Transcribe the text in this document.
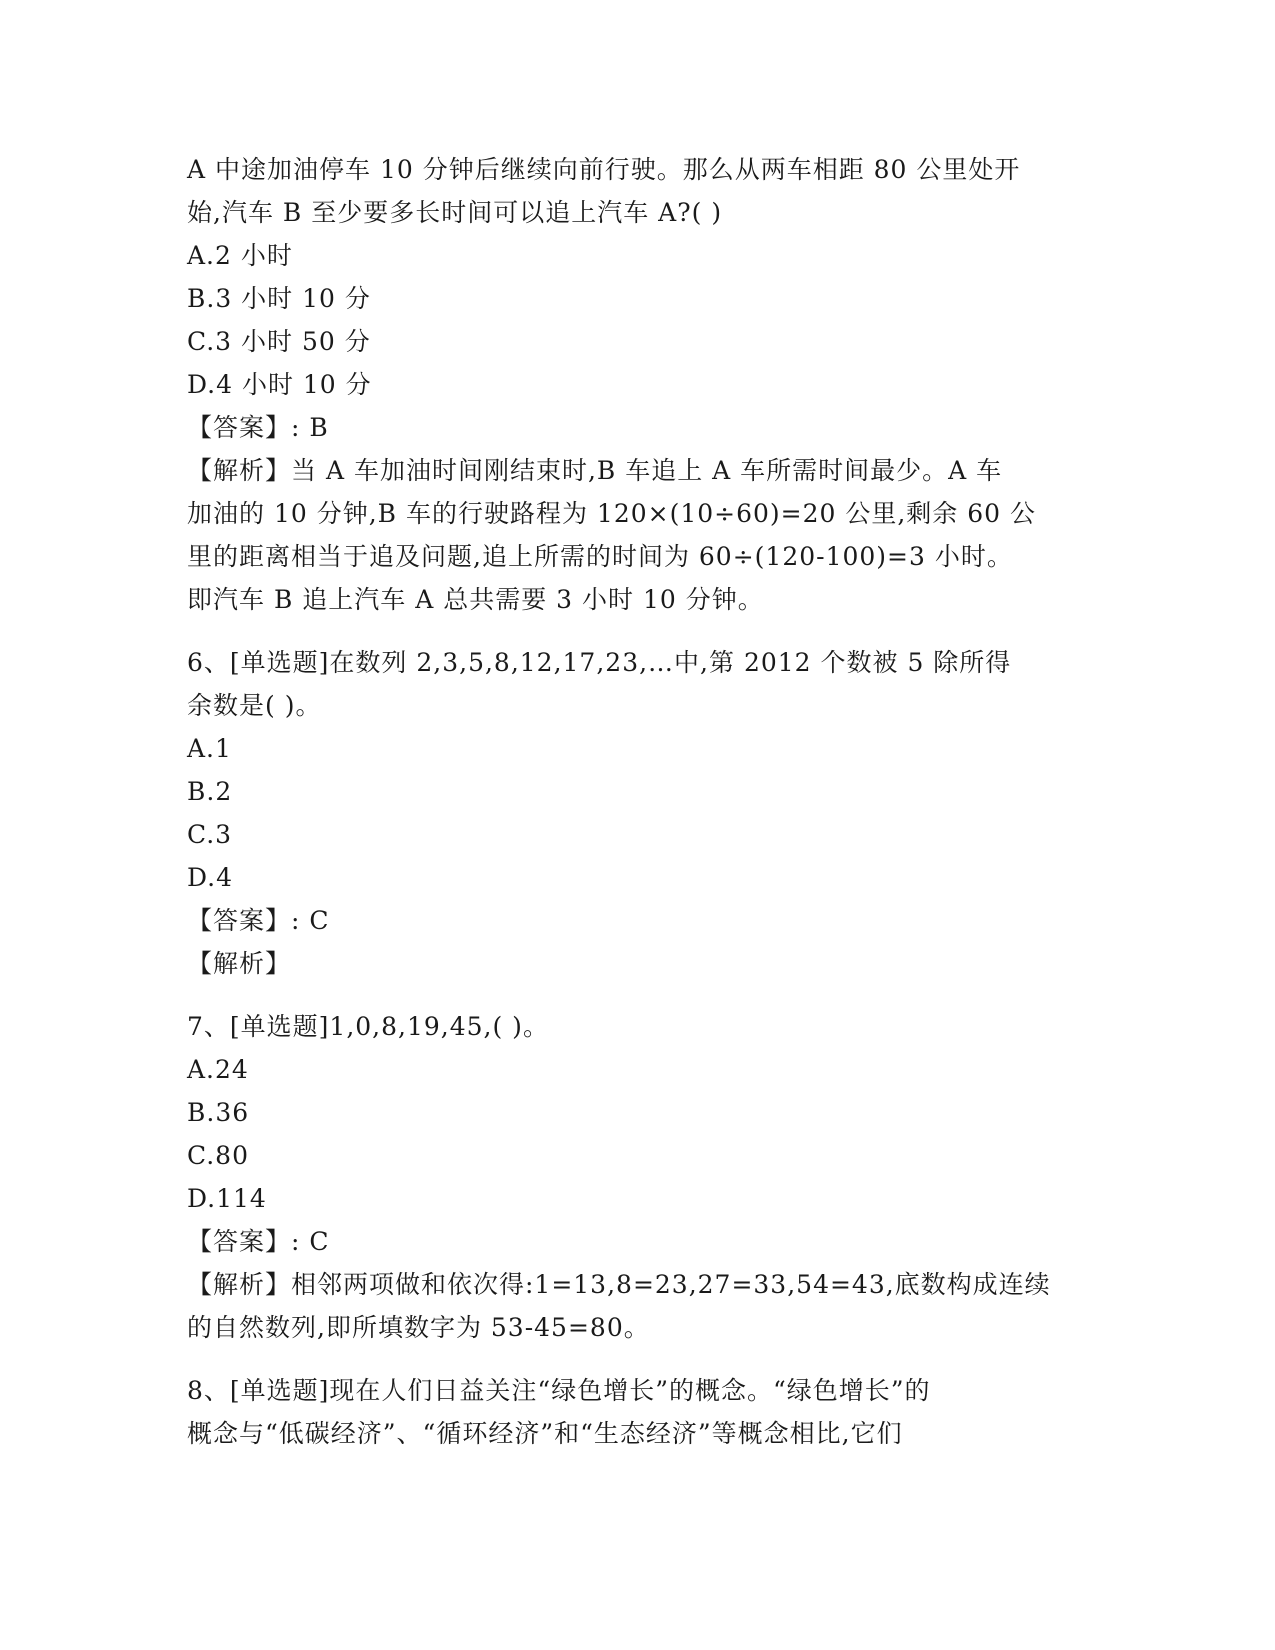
A 中途加油停车 10 分钟后继续向前行驶。那么从两车相距 80 公里处开
始,汽车 B 至少要多长时间可以追上汽车 A?( )
A.2 小时
B.3 小时 10 分
C.3 小时 50 分
D.4 小时 10 分
【答案】: B
【解析】当 A 车加油时间刚结束时,B 车追上 A 车所需时间最少。A 车
加油的 10 分钟,B 车的行驶路程为 120×(10÷60)=20 公里,剩余 60 公
里的距离相当于追及问题,追上所需的时间为 60÷(120-100)=3 小时。
即汽车 B 追上汽车 A 总共需要 3 小时 10 分钟。
6、[单选题]在数列 2,3,5,8,12,17,23,…中,第 2012 个数被 5 除所得
余数是( )。
A.1
B.2
C.3
D.4
【答案】: C
【解析】
7、[单选题]1,0,8,19,45,( )。
A.24
B.36
C.80
D.114
【答案】: C
【解析】相邻两项做和依次得:1=13,8=23,27=33,54=43,底数构成连续
的自然数列,即所填数字为 53-45=80。
8、[单选题]现在人们日益关注“绿色增长”的概念。“绿色增长”的
概念与“低碳经济”、“循环经济”和“生态经济”等概念相比,它们
